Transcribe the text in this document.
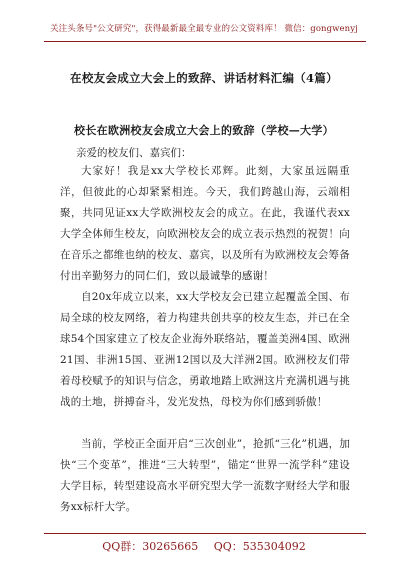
关注头条号"公文研究"，获得最新最全最专业的公文资料库！ 微信：gongwenyj
在校友会成立大会上的致辞、讲话材料汇编（4篇）
校长在欧洲校友会成立大会上的致辞（学校—大学）
亲爱的校友们、嘉宾们：

大家好！我是xx大学校长邓辉。此刻，大家虽远隔重洋，但彼此的心却紧紧相连。今天，我们跨越山海，云端相聚，共同见证xx大学欧洲校友会的成立。在此，我谨代表xx大学全体师生校友，向欧洲校友会的成立表示热烈的祝贺！向在音乐之都维也纳的校友、嘉宾，以及所有为欧洲校友会筹备付出辛勤努力的同仁们，致以最诚挚的感谢！

自20x年成立以来，xx大学校友会已建立起覆盖全国、布局全球的校友网络，着力构建共创共享的校友生态，并已在全球54个国家建立了校友企业海外联络站，覆盖美洲4国、欧洲21国、非洲15国、亚洲12国以及大洋洲2国。欧洲校友们带着母校赋予的知识与信念，勇敢地踏上欧洲这片充满机遇与挑战的土地，拼搏奋斗，发光发热，母校为你们感到骄傲！

当前，学校正全面开启“三次创业”，抢抓“三化”机遇，加快“三个变革”，推进“三大转型”，锚定“世界一流学科”建设大学目标，转型建设高水平研究型大学一流数字财经大学和服务xx标杆大学。

QQ群：30265665 QQ：535304092
